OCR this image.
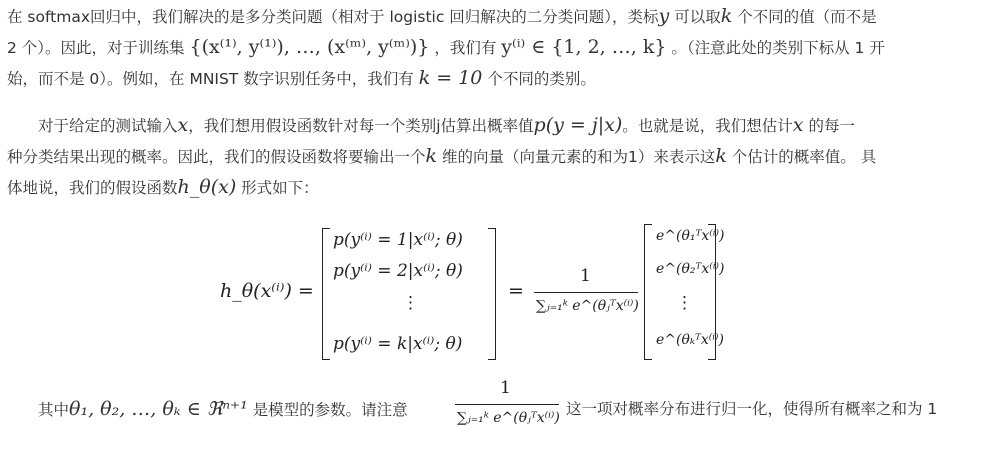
在 softmax回归中，我们解决的是多分类问题（相对于 logistic 回归解决的二分类问题），类标y 可以取k 个不同的值（而不是
2 个）。因此，对于训练集 {(x⁽¹⁾, y⁽¹⁾), …, (x⁽ᵐ⁾, y⁽ᵐ⁾)} ，我们有 y⁽ⁱ⁾ ∈ {1, 2, …, k} 。（注意此处的类别下标从 1 开
始，而不是 0）。例如，在 MNIST 数字识别任务中，我们有 k = 10 个不同的类别。
对于给定的测试输入x，我们想用假设函数针对每一个类别j估算出概率值p(y = j|x)。也就是说，我们想估计x 的每一
种分类结果出现的概率。因此，我们的假设函数将要输出一个k 维的向量（向量元素的和为1）来表示这k 个估计的概率值。 具
体地说，我们的假设函数h_θ(x) 形式如下：
h_θ(x⁽ⁱ⁾) =
p(y⁽ⁱ⁾ = 1|x⁽ⁱ⁾; θ)
p(y⁽ⁱ⁾ = 2|x⁽ⁱ⁾; θ)
⋮
p(y⁽ⁱ⁾ = k|x⁽ⁱ⁾; θ)
=
1
∑ⱼ₌₁ᵏ e^(θⱼᵀx⁽ⁱ⁾)
e^(θ₁ᵀx⁽ⁱ⁾)
e^(θ₂ᵀx⁽ⁱ⁾)
⋮
e^(θₖᵀx⁽ⁱ⁾)
其中θ₁, θ₂, …, θₖ ∈ ℜⁿ⁺¹ 是模型的参数。请注意
1
∑ⱼ₌₁ᵏ e^(θⱼᵀx⁽ⁱ⁾) 这一项对概率分布进行归一化，使得所有概率之和为 1
